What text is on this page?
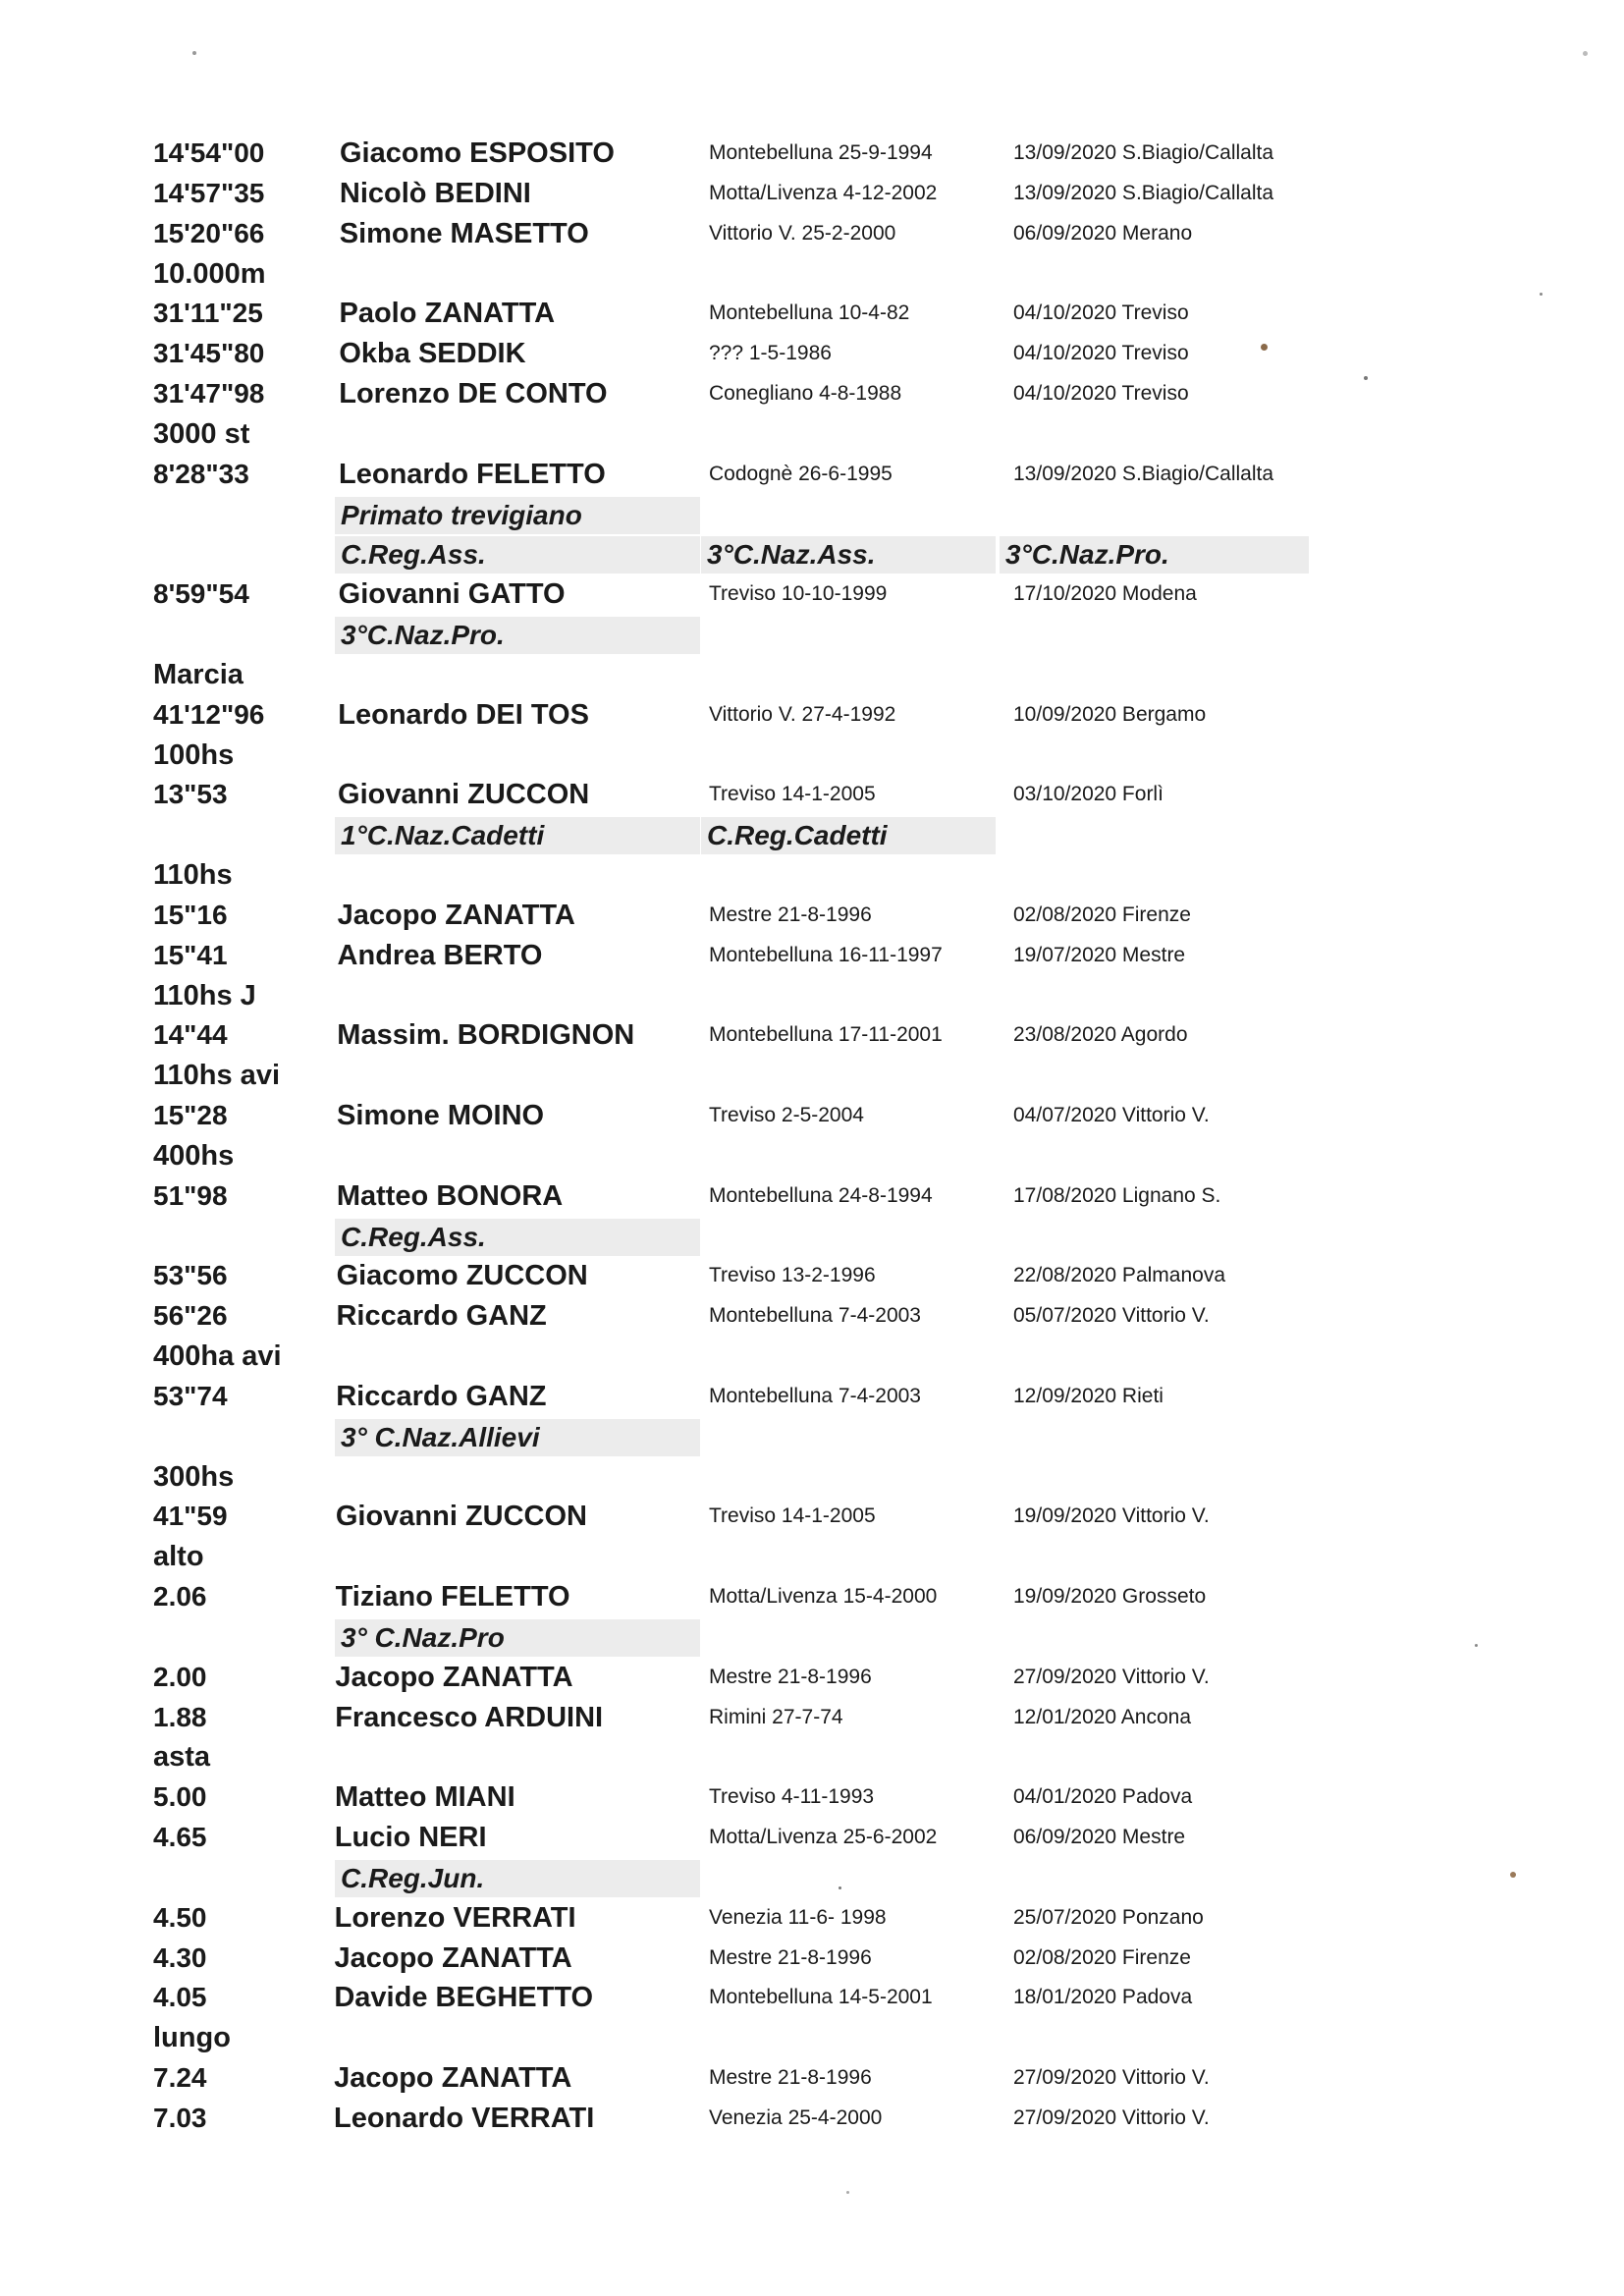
14'54"00	Giacomo ESPOSITO	Montebelluna 25-9-1994	13/09/2020 S.Biagio/Callalta
14'57"35	Nicolò BEDINI	Motta/Livenza 4-12-2002	13/09/2020 S.Biagio/Callalta
15'20"66	Simone MASETTO	Vittorio V. 25-2-2000	06/09/2020 Merano
10.000m
31'11"25	Paolo ZANATTA	Montebelluna 10-4-82	04/10/2020 Treviso
31'45"80	Okba SEDDIK	??? 1-5-1986	04/10/2020 Treviso
31'47"98	Lorenzo DE CONTO	Conegliano 4-8-1988	04/10/2020 Treviso
3000 st
8'28"33	Leonardo FELETTO	Codognè 26-6-1995	13/09/2020 S.Biagio/Callalta
Primato trevigiano
C.Reg.Ass.	3°C.Naz.Ass.	3°C.Naz.Pro.
8'59"54	Giovanni GATTO	Treviso 10-10-1999	17/10/2020 Modena
3°C.Naz.Pro.
Marcia
41'12"96	Leonardo DEI TOS	Vittorio V. 27-4-1992	10/09/2020 Bergamo
100hs
13"53	Giovanni ZUCCON	Treviso 14-1-2005	03/10/2020 Forlì
1°C.Naz.Cadetti	C.Reg.Cadetti
110hs
15"16	Jacopo ZANATTA	Mestre 21-8-1996	02/08/2020 Firenze
15"41	Andrea BERTO	Montebelluna 16-11-1997	19/07/2020 Mestre
110hs J
14"44	Massim. BORDIGNON	Montebelluna 17-11-2001	23/08/2020 Agordo
110hs avi
15"28	Simone MOINO	Treviso 2-5-2004	04/07/2020 Vittorio V.
400hs
51"98	Matteo BONORA	Montebelluna 24-8-1994	17/08/2020 Lignano S.
C.Reg.Ass.
53"56	Giacomo ZUCCON	Treviso 13-2-1996	22/08/2020 Palmanova
56"26	Riccardo GANZ	Montebelluna 7-4-2003	05/07/2020 Vittorio V.
400ha avi
53"74	Riccardo GANZ	Montebelluna 7-4-2003	12/09/2020 Rieti
3° C.Naz.Allievi
300hs
41"59	Giovanni ZUCCON	Treviso 14-1-2005	19/09/2020 Vittorio V.
alto
2.06	Tiziano FELETTO	Motta/Livenza 15-4-2000	19/09/2020 Grosseto
3° C.Naz.Pro
2.00	Jacopo ZANATTA	Mestre 21-8-1996	27/09/2020 Vittorio V.
1.88	Francesco ARDUINI	Rimini 27-7-74	12/01/2020 Ancona
asta
5.00	Matteo MIANI	Treviso 4-11-1993	04/01/2020 Padova
4.65	Lucio NERI	Motta/Livenza 25-6-2002	06/09/2020 Mestre
C.Reg.Jun.
4.50	Lorenzo VERRATI	Venezia 11-6- 1998	25/07/2020 Ponzano
4.30	Jacopo ZANATTA	Mestre 21-8-1996	02/08/2020 Firenze
4.05	Davide BEGHETTO	Montebelluna 14-5-2001	18/01/2020 Padova
lungo
7.24	Jacopo ZANATTA	Mestre 21-8-1996	27/09/2020 Vittorio V.
7.03	Leonardo VERRATI	Venezia 25-4-2000	27/09/2020 Vittorio V.
